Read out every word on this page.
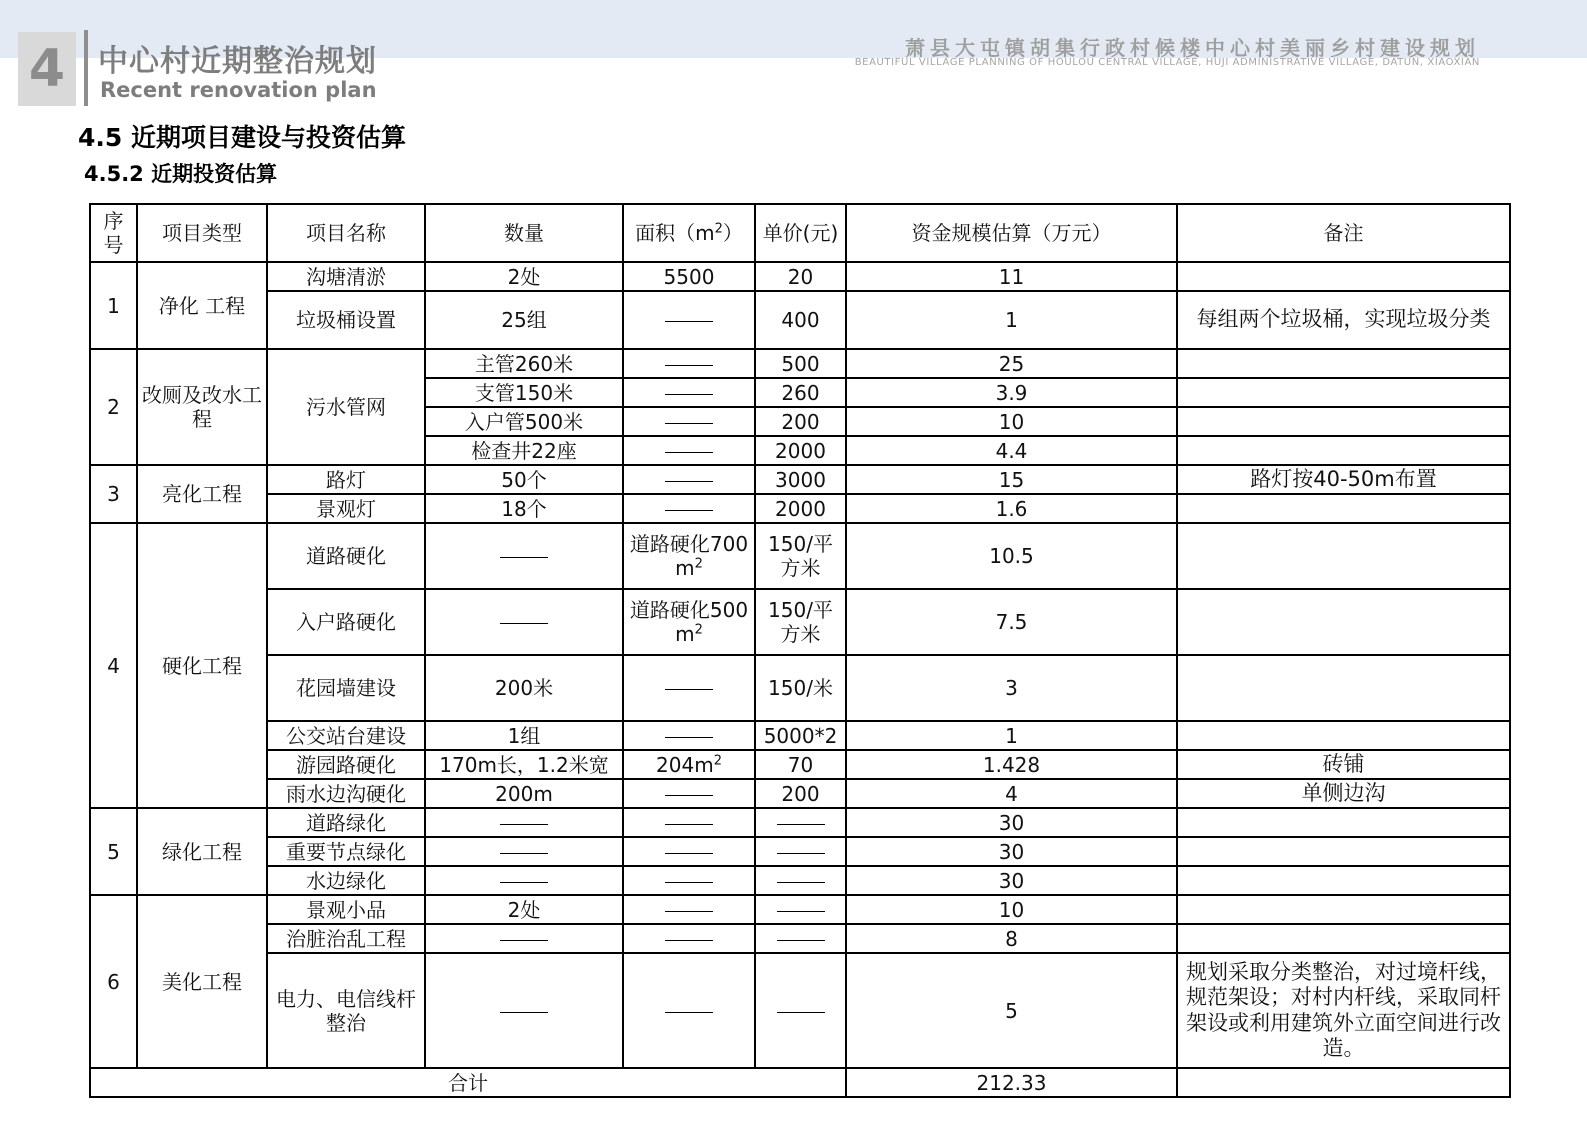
4	中心村近期整治规划
Recent renovation plan
萧县大屯镇胡集行政村候楼中心村美丽乡村建设规划
BEAUTIFUL VILLAGE PLANNING OF HOULOU CENTRAL VILLAGE, HUJI ADMINISTRATIVE VILLAGE, DATUN, XIAOXIAN
4.5 近期项目建设与投资估算
4.5.2 近期投资估算
序号	项目类型	项目名称	数量	面积$(m^2)$	单价(元)	资金规模估算（万元）	备注
1	净化 工程	沟塘清淤	2处	5500	20	11	
		垃圾桶设置	25组		400	1	每组两个垃圾桶，实现垃圾分类
2	改厕及改水工程	污水管网	主管260米		500	25	
			支管150米		260	3.9	
			入户管500米		200	10	
			检查井22座		2000	4.4	
3	亮化工程	路灯	50个		3000	15	路灯按40-50m布置
		景观灯	18个		2000	1.6	
4	硬化工程	道路硬化		道路硬化$700m^2$	150/平方米	10.5	
		入户路硬化		道路硬化$500m^2$	150/平方米	7.5	
		花园墙建设	200米		150/米	3	
		公交站台建设	1组		5000*2	1	
		游园路硬化	170m长，1.2米宽	$204m^2$	70	1.428	砖铺
		雨水边沟硬化	200m		200	4	单侧边沟
5	绿化工程	道路绿化				30	
		重要节点绿化				30	
		水边绿化				30	
6	美化工程	景观小品	2处			10	
		治脏治乱工程				8	
		电力、电信线杆整治				5	规划采取分类整治，对过境杆线，规范架设；对村内杆线，采取同杆架设或利用建筑外立面空间进行改造。
合计						212.33	
